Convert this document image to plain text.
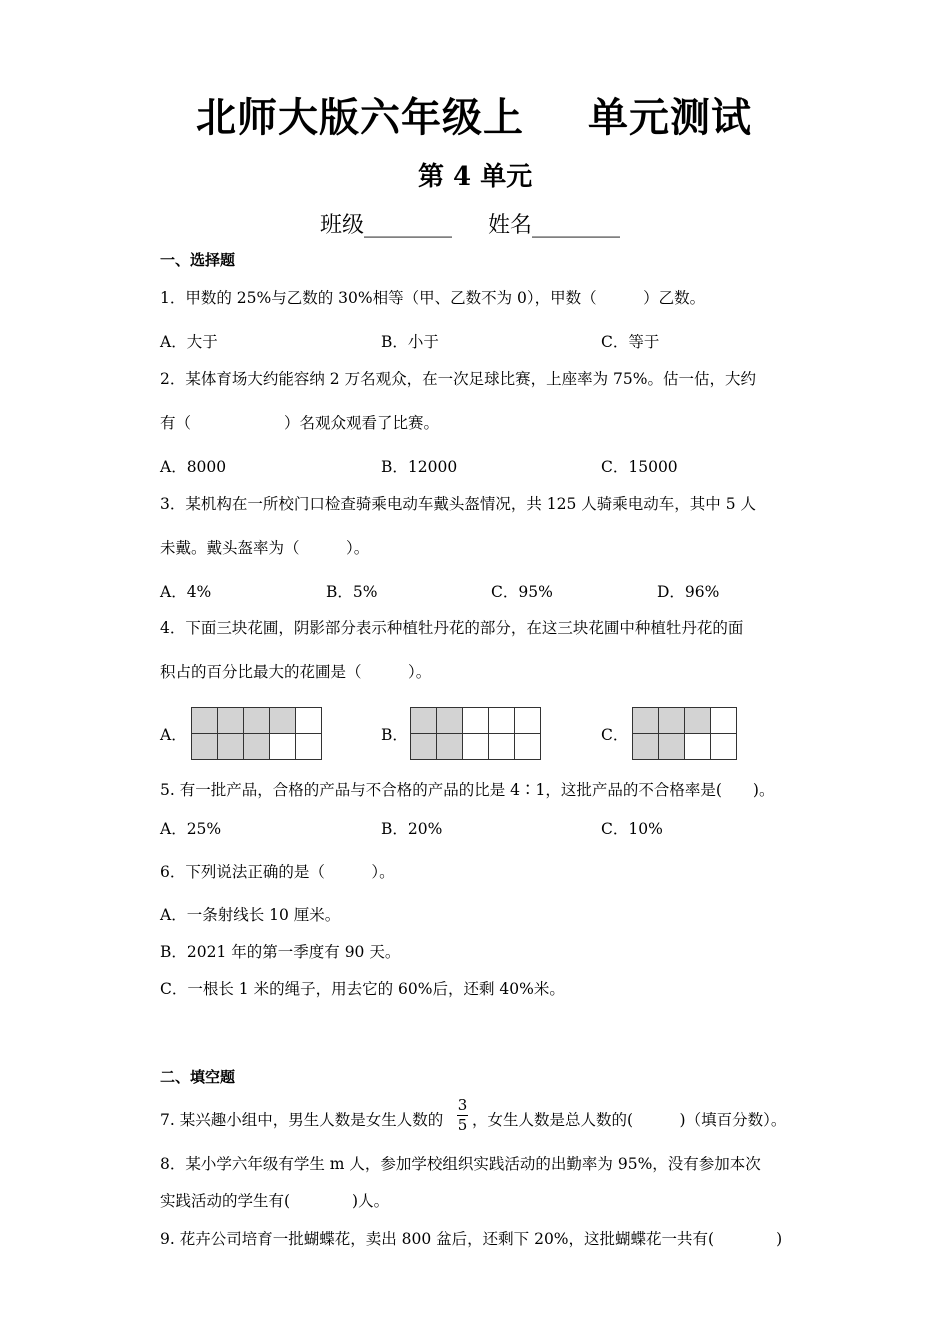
北师大版六年级上 单元测试
第 4 单元
班级________ 姓名________
一、选择题
1．甲数的 25%与乙数的 30%相等（甲、乙数不为 0），甲数（　　　）乙数。
A．大于	B．小于	C．等于
2．某体育场大约能容纳 2 万名观众，在一次足球比赛，上座率为 75%。估一估，大约
有（　　　　　　）名观众观看了比赛。
A．8000	B．12000	C．15000
3．某机构在一所校门口检查骑乘电动车戴头盔情况，共 125 人骑乘电动车，其中 5 人
未戴。戴头盔率为（　　　）。
A．4%	B．5%	C．95%	D．96%
4．下面三块花圃，阴影部分表示种植牡丹花的部分，在这三块花圃中种植牡丹花的面
积占的百分比最大的花圃是（　　　）。
A．	B．	C．
5. 有一批产品，合格的产品与不合格的产品的比是 4∶1，这批产品的不合格率是(　　)。
A．25%	B．20%	C．10%
6．下列说法正确的是（　　　）。
A．一条射线长 10 厘米。
B．2021 年的第一季度有 90 天。
C．一根长 1 米的绳子，用去它的 60%后，还剩 40%米。
二、填空题
7. 某兴趣小组中，男生人数是女生人数的
3
5 ，女生人数是总人数的(　　　)（填百分数）。
8．某小学六年级有学生 m 人，参加学校组织实践活动的出勤率为 95%，没有参加本次
实践活动的学生有(　　　　)人。
9. 花卉公司培育一批蝴蝶花，卖出 800 盆后，还剩下 20%，这批蝴蝶花一共有(　　　　)
